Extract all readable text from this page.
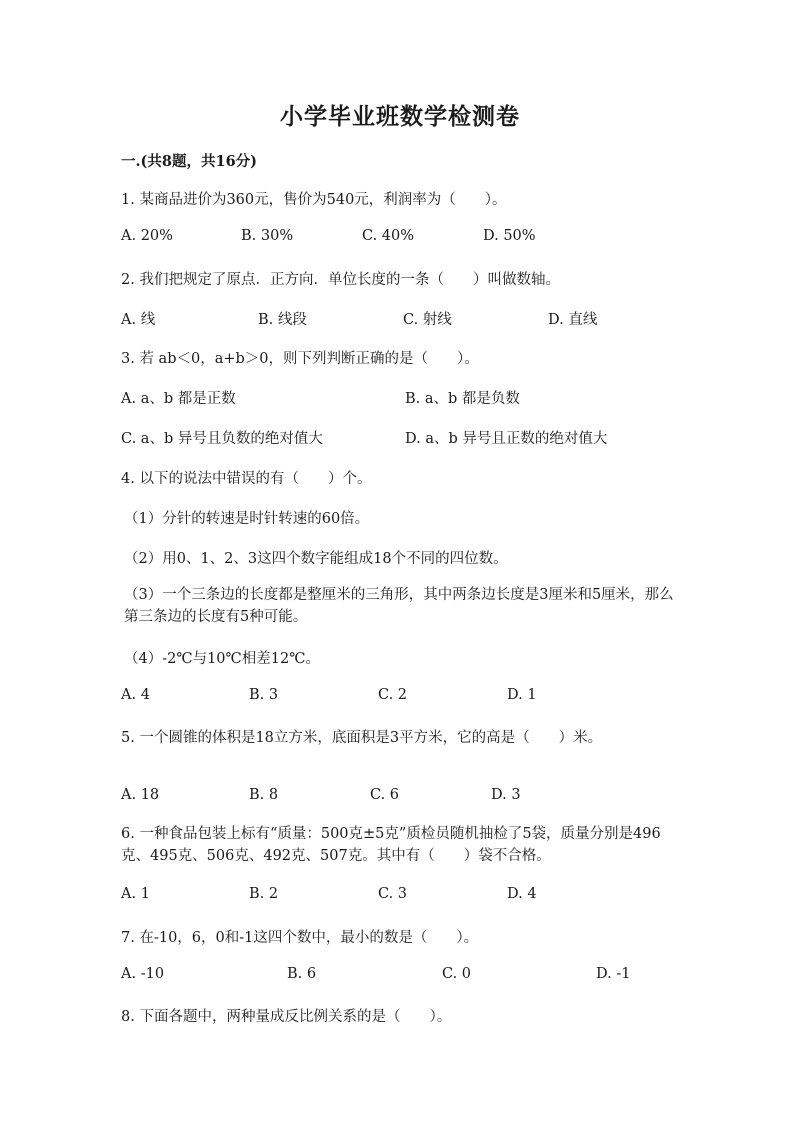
小学毕业班数学检测卷
一.(共8题，共16分)
1. 某商品进价为360元，售价为540元，利润率为（　　）。
A. 20%	B. 30%	C. 40%	D. 50%
2. 我们把规定了原点．正方向．单位长度的一条（　　）叫做数轴。
A. 线	B. 线段	C. 射线	D. 直线
3. 若 ab＜0，a+b＞0，则下列判断正确的是（　　）。
A. a、b 都是正数	B. a、b 都是负数
C. a、b 异号且负数的绝对值大	D. a、b 异号且正数的绝对值大
4. 以下的说法中错误的有（　　）个。
（1）分针的转速是时针转速的60倍。
（2）用0、1、2、3这四个数字能组成18个不同的四位数。
（3）一个三条边的长度都是整厘米的三角形，其中两条边长度是3厘米和5厘米，那么第三条边的长度有5种可能。
（4）-2℃与10℃相差12℃。
A. 4	B. 3	C. 2	D. 1
5. 一个圆锥的体积是18立方米，底面积是3平方米，它的高是（　　）米。
A. 18	B. 8	C. 6	D. 3
6. 一种食品包装上标有“质量：500克±5克”质检员随机抽检了5袋，质量分别是496克、495克、506克、492克、507克。其中有（　　）袋不合格。
A. 1	B. 2	C. 3	D. 4
7. 在-10，6，0和-1这四个数中，最小的数是（　　）。
A. -10	B. 6	C. 0	D. -1
8. 下面各题中，两种量成反比例关系的是（　　）。
